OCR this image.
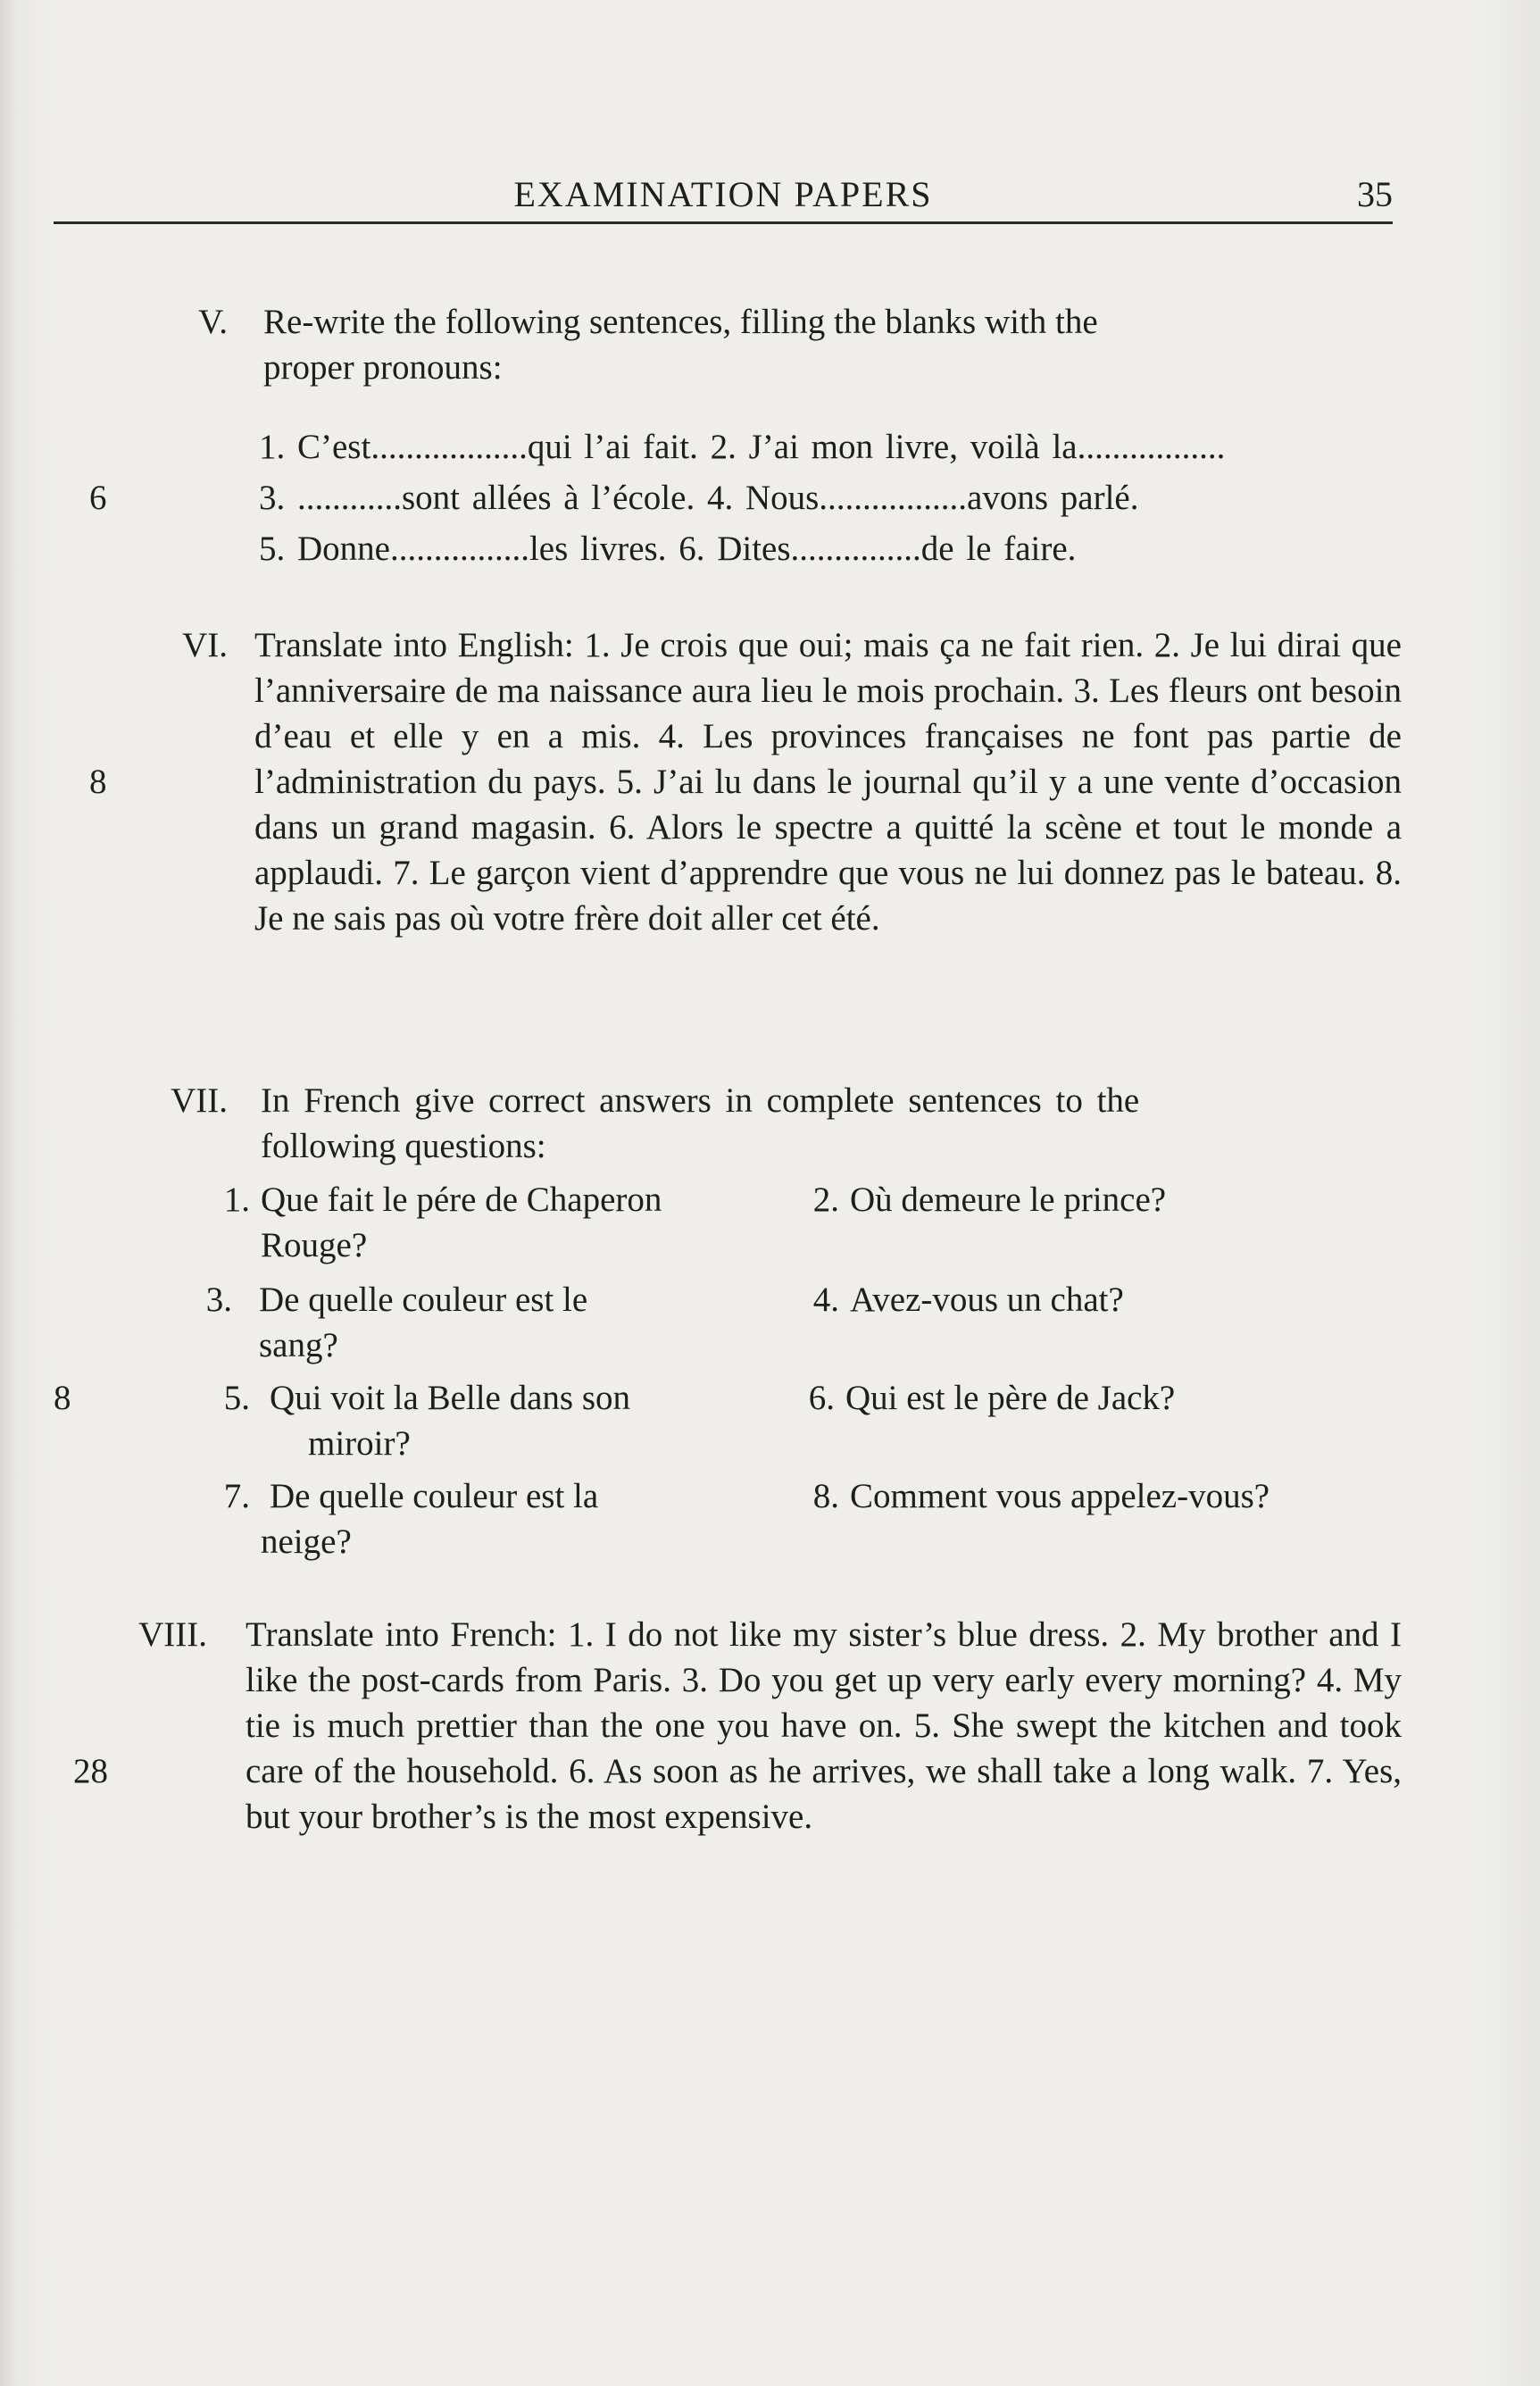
EXAMINATION PAPERS	35
V. Re-write the following sentences, filling the blanks with the
proper pronouns:
6
1. C’est..................qui l’ai fait. 2. J’ai mon livre, voilà la.................
3. ............sont allées à l’école. 4. Nous.................avons parlé.
5. Donne................les livres. 6. Dites...............de le faire.
VI.
8
Translate into English: 1. Je crois que oui; mais ça ne fait rien. 2. Je lui dirai que l’anniversaire de ma naissance aura lieu le mois prochain. 3. Les fleurs ont besoin d’eau et elle y en a mis. 4. Les provinces françaises ne font pas partie de l’administration du pays. 5. J’ai lu dans le journal qu’il y a une vente d’occasion dans un grand magasin. 6. Alors le spectre a quitté la scène et tout le monde a applaudi. 7. Le garçon vient d’apprendre que vous ne lui donnez pas le bateau. 8. Je ne sais pas où votre frère doit aller cet été.
VII. In French give correct answers in complete sentences to the
following questions:
8
1. Que fait le pére de Chaperon
Rouge?
2. Où demeure le prince?
3. De quelle couleur est le
sang?
4. Avez-vous un chat?
5. Qui voit la Belle dans son
miroir?
6. Qui est le père de Jack?
7. De quelle couleur est la
neige?
8. Comment vous appelez-vous?
VIII.
28
Translate into French: 1. I do not like my sister’s blue dress. 2. My brother and I like the post-cards from Paris. 3. Do you get up very early every morning? 4. My tie is much prettier than the one you have on. 5. She swept the kitchen and took care of the household. 6. As soon as he arrives, we shall take a long walk. 7. Yes, but your brother’s is the most expensive.
